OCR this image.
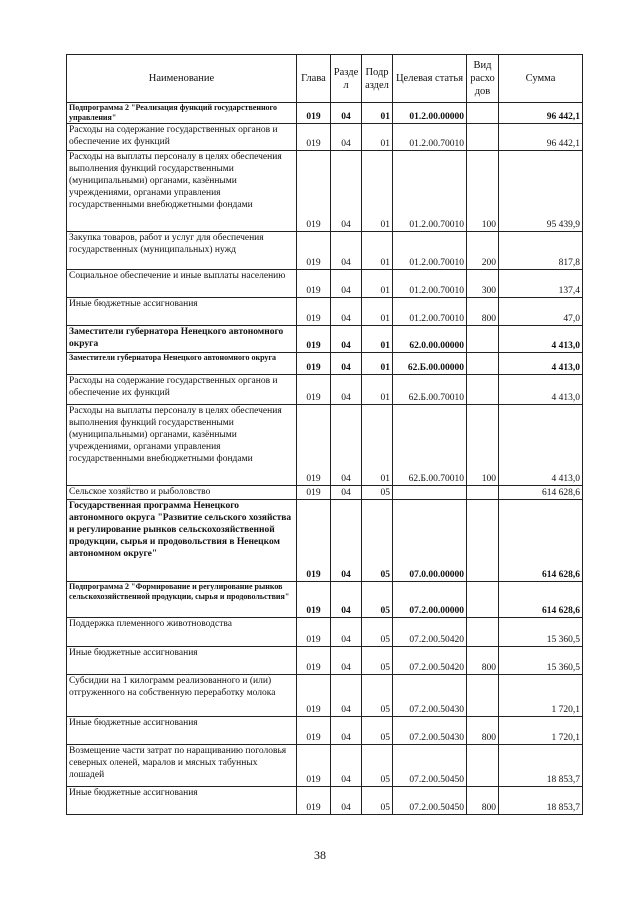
Наименование	Глава	Разде л	Подр аздел	Целевая статья	Вид расхо дов	Сумма
Подпрограмма 2 "Реализация функций государственного управления"	019	04	01	01.2.00.00000		96 442,1
Расходы на содержание государственных органов и обеспечение их функций	019	04	01	01.2.00.70010		96 442,1
Расходы на выплаты персоналу в целях обеспечения выполнения функций государственными (муниципальными) органами, казёнными учреждениями, органами управления государственными внебюджетными фондами	019	04	01	01.2.00.70010	100	95 439,9
Закупка товаров, работ и услуг для обеспечения государственных (муниципальных) нужд	019	04	01	01.2.00.70010	200	817,8
Социальное обеспечение и иные выплаты населению	019	04	01	01.2.00.70010	300	137,4
Иные бюджетные ассигнования	019	04	01	01.2.00.70010	800	47,0
Заместители губернатора Ненецкого автономного округа	019	04	01	62.0.00.00000		4 413,0
Заместители губернатора Ненецкого автономного округа	019	04	01	62.Б.00.00000		4 413,0
Расходы на содержание государственных органов и обеспечение их функций	019	04	01	62.Б.00.70010		4 413,0
Расходы на выплаты персоналу в целях обеспечения выполнения функций государственными (муниципальными) органами, казёнными учреждениями, органами управления государственными внебюджетными фондами	019	04	01	62.Б.00.70010	100	4 413,0
Сельское хозяйство и рыболовство	019	04	05			614 628,6
Государственная программа Ненецкого автономного округа "Развитие сельского хозяйства и регулирование рынков сельскохозяйственной продукции, сырья и продовольствия в Ненецком автономном округе"	019	04	05	07.0.00.00000		614 628,6
Подпрограмма 2 "Формирование и регулирование рынков сельскохозяйственной продукции, сырья и продовольствия"	019	04	05	07.2.00.00000		614 628,6
Поддержка племенного животноводства	019	04	05	07.2.00.50420		15 360,5
Иные бюджетные ассигнования	019	04	05	07.2.00.50420	800	15 360,5
Субсидии на 1 килограмм реализованного и (или) отгруженного на собственную переработку молока	019	04	05	07.2.00.50430		1 720,1
Иные бюджетные ассигнования	019	04	05	07.2.00.50430	800	1 720,1
Возмещение части затрат по наращиванию поголовья северных оленей, маралов и мясных табунных лошадей	019	04	05	07.2.00.50450		18 853,7
Иные бюджетные ассигнования	019	04	05	07.2.00.50450	800	18 853,7
38
